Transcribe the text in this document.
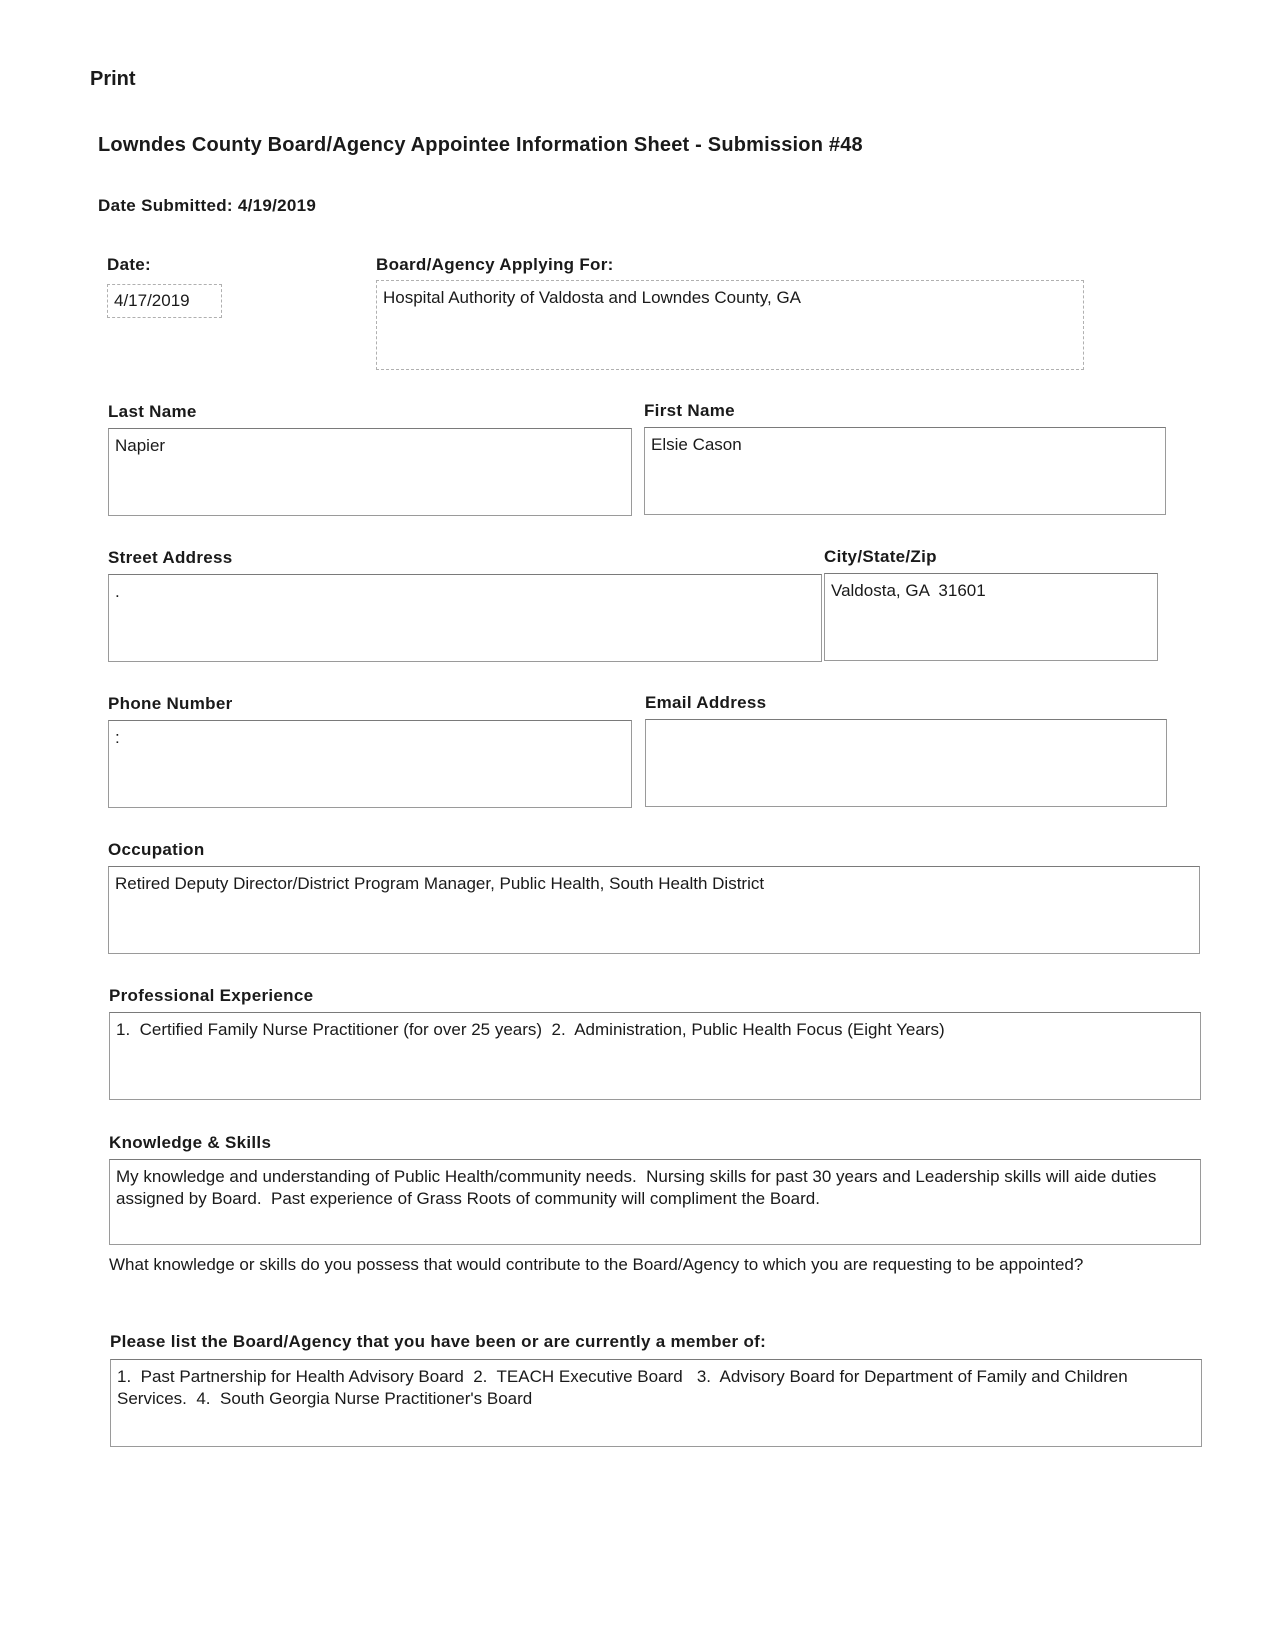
Print
Lowndes County Board/Agency Appointee Information Sheet - Submission #48
Date Submitted: 4/19/2019
Date:
4/17/2019
Board/Agency Applying For:
Hospital Authority of Valdosta and Lowndes County, GA
Last Name
Napier
First Name
Elsie Cason
Street Address
.
City/State/Zip
Valdosta, GA  31601
Phone Number
:
Email Address
Occupation
Retired Deputy Director/District Program Manager, Public Health, South Health District
Professional Experience
1.  Certified Family Nurse Practitioner (for over 25 years)  2.  Administration, Public Health Focus (Eight Years)
Knowledge & Skills
My knowledge and understanding of Public Health/community needs.  Nursing skills for past 30 years and Leadership skills will aide duties assigned by Board.  Past experience of Grass Roots of community will compliment the Board.
What knowledge or skills do you possess that would contribute to the Board/Agency to which you are requesting to be appointed?
Please list the Board/Agency that you have been or are currently a member of:
1.  Past Partnership for Health Advisory Board  2.  TEACH Executive Board   3.  Advisory Board for Department of Family and Children Services.  4.  South Georgia Nurse Practitioner's Board
